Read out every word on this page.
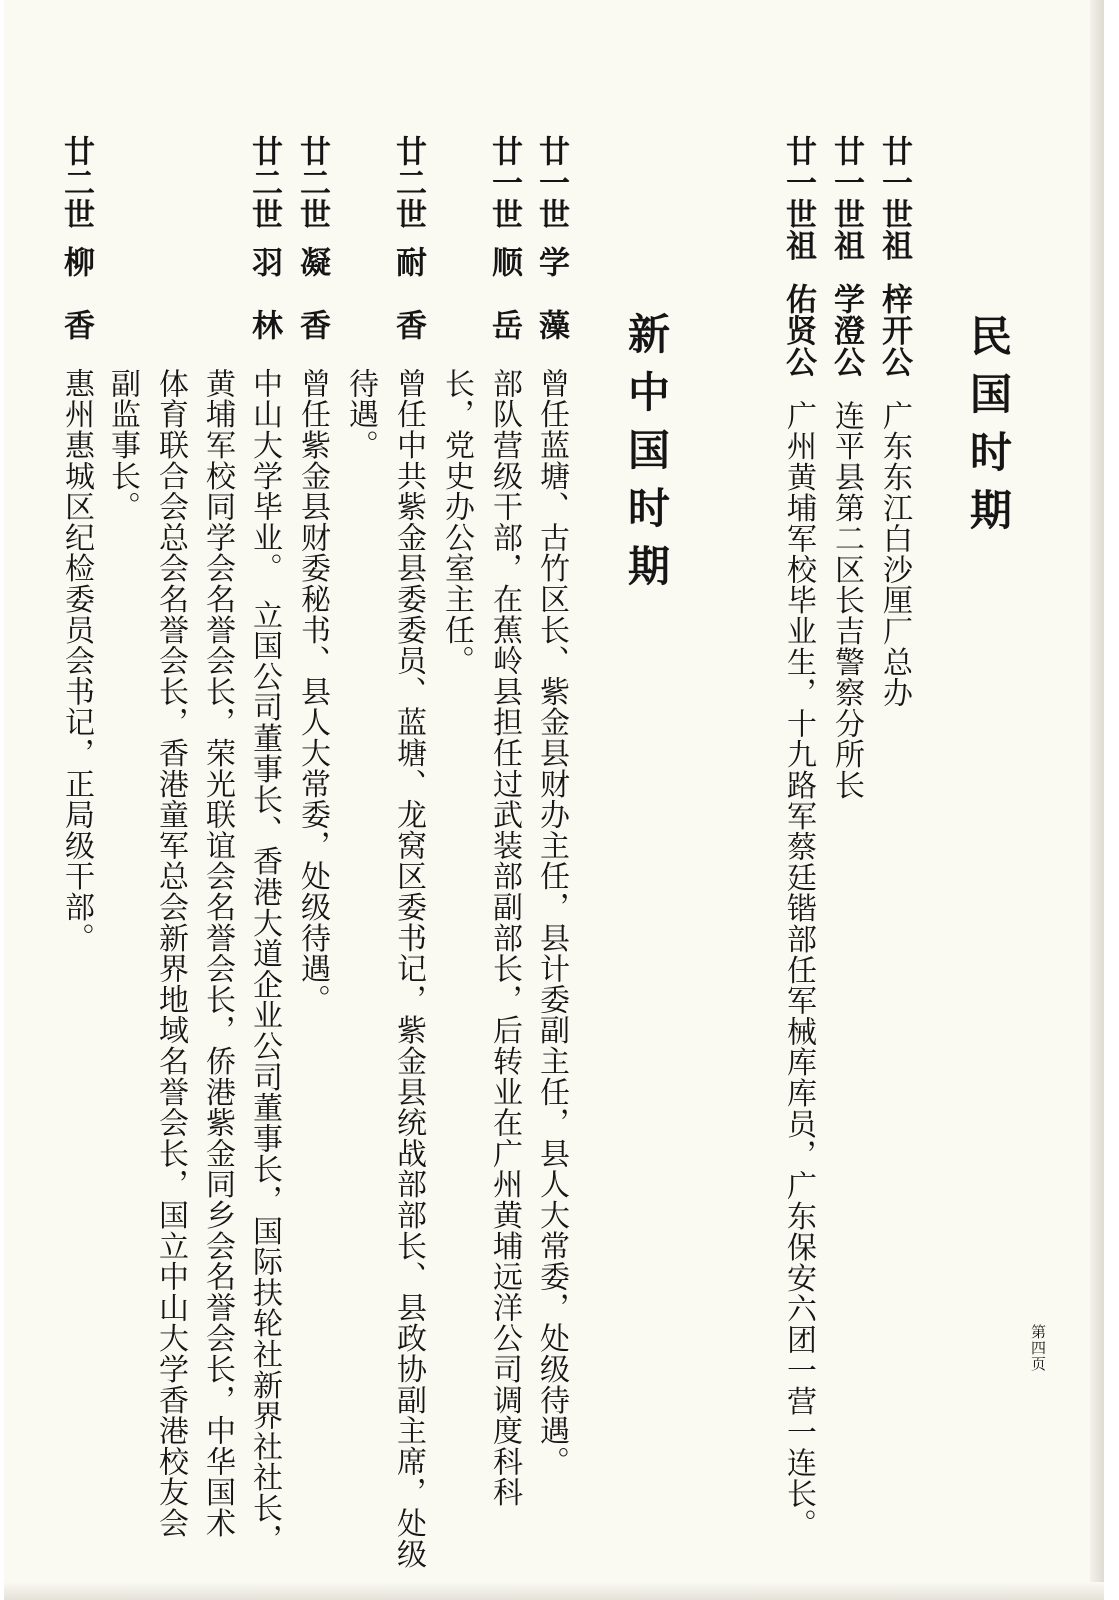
民国时期
廿一世祖
梓开公
广东东江白沙厘厂总办
廿一世祖
学澄公
连平县第二区长吉警察分所长
廿一世祖
佑贤公
广州黄埔军校毕业生，十九路军蔡廷锴部任军械库库员，广东保安六团一营一连长。
新中国时期
廿一世
学　藻
曾任蓝塘、古竹区长、紫金县财办主任，县计委副主任，县人大常委，处级待遇。
廿一世
顺　岳
部队营级干部，在蕉岭县担任过武装部副部长，后转业在广州黄埔远洋公司调度科科
长，党史办公室主任。
廿二世
耐　香
曾任中共紫金县委委员、蓝塘、龙窝区委书记，紫金县统战部部长、县政协副主席，处级
待遇。
廿二世
凝　香
曾任紫金县财委秘书、县人大常委，处级待遇。
廿二世
羽　林
中山大学毕业。　立国公司董事长、香港大道企业公司董事长，国际扶轮社新界社社长，
黄埔军校同学会名誉会长，荣光联谊会名誉会长，侨港紫金同乡会名誉会长，中华国术
体育联合会总会名誉会长，香港童军总会新界地域名誉会长，国立中山大学香港校友会
副监事长。
廿二世
柳　香
惠州惠城区纪检委员会书记，正局级干部。
第四页
